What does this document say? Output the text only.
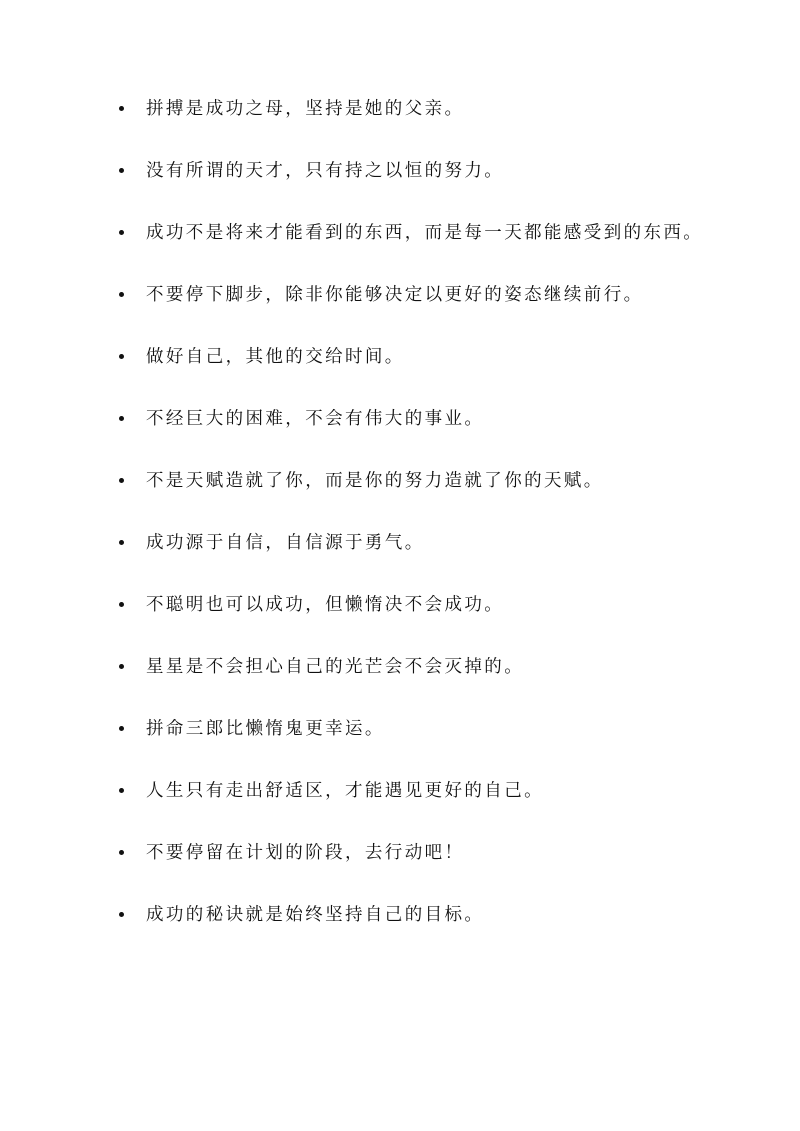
拼搏是成功之母，坚持是她的父亲。
没有所谓的天才，只有持之以恒的努力。
成功不是将来才能看到的东西，而是每一天都能感受到的东西。
不要停下脚步，除非你能够决定以更好的姿态继续前行。
做好自己，其他的交给时间。
不经巨大的困难，不会有伟大的事业。
不是天赋造就了你，而是你的努力造就了你的天赋。
成功源于自信，自信源于勇气。
不聪明也可以成功，但懒惰决不会成功。
星星是不会担心自己的光芒会不会灭掉的。
拼命三郎比懒惰鬼更幸运。
人生只有走出舒适区，才能遇见更好的自己。
不要停留在计划的阶段，去行动吧！
成功的秘诀就是始终坚持自己的目标。
